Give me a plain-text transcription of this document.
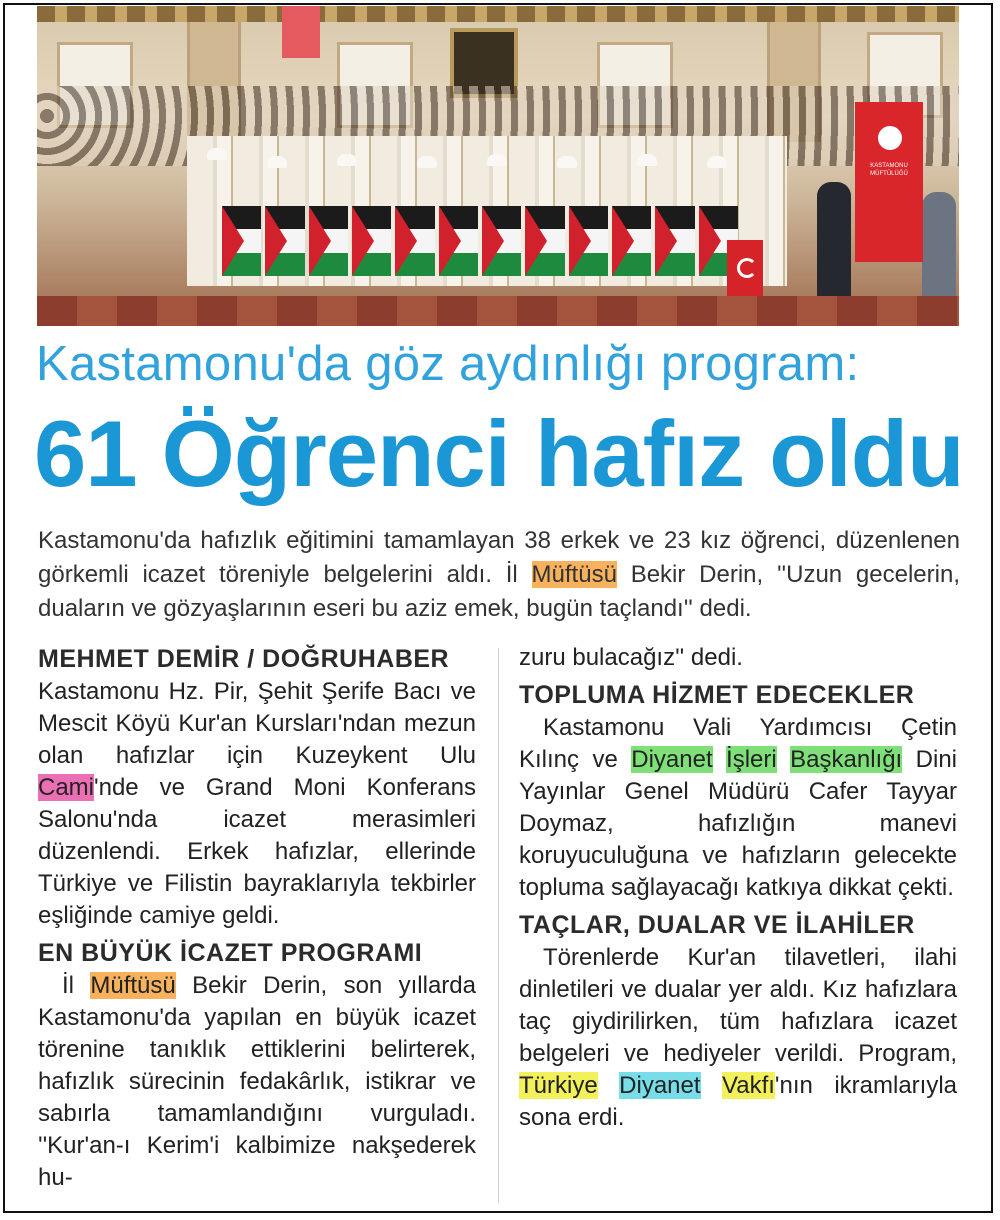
KASTAMONU MÜFTÜLÜĞÜ
Kastamonu'da göz aydınlığı program:
61 Öğrenci hafız oldu
Kastamonu'da hafızlık eğitimini tamamlayan 38 erkek ve 23 kız öğrenci, düzenlenen görkemli icazet töreniyle belgelerini aldı. İl Müftüsü Bekir Derin, ''Uzun gecelerin, duaların ve gözyaşlarının eseri bu aziz emek, bugün taçlandı'' dedi.
MEHMET DEMİR / DOĞRUHABER
Kastamonu Hz. Pir, Şehit Şerife Bacı ve Mescit Köyü Kur'an Kursları'ndan mezun olan hafızlar için Kuzeykent Ulu Cami'nde ve Grand Moni Konferans Salonu'nda icazet merasimleri düzenlendi. Erkek hafızlar, ellerinde Türkiye ve Filistin bayraklarıyla tekbirler eşliğinde camiye geldi.
EN BÜYÜK İCAZET PROGRAMI
İl Müftüsü Bekir Derin, son yıllarda Kastamonu'da yapılan en büyük icazet törenine tanıklık ettiklerini belirterek, hafızlık sürecinin fedakârlık, istikrar ve sabırla tamamlandığını vurguladı. ''Kur'an-ı Kerim'i kalbimize nakşederek hu-
zuru bulacağız'' dedi.
TOPLUMA HİZMET EDECEKLER
Kastamonu Vali Yardımcısı Çetin Kılınç ve Diyanet İşleri Başkanlığı Dini Yayınlar Genel Müdürü Cafer Tayyar Doymaz, hafızlığın manevi koruyuculuğuna ve hafızların gelecekte topluma sağlayacağı katkıya dikkat çekti.
TAÇLAR, DUALAR VE İLAHİLER
Törenlerde Kur'an tilavetleri, ilahi dinletileri ve dualar yer aldı. Kız hafızlara taç giydirilirken, tüm hafızlara icazet belgeleri ve hediyeler verildi. Program, Türkiye Diyanet Vakfı'nın ikramlarıyla sona erdi.
